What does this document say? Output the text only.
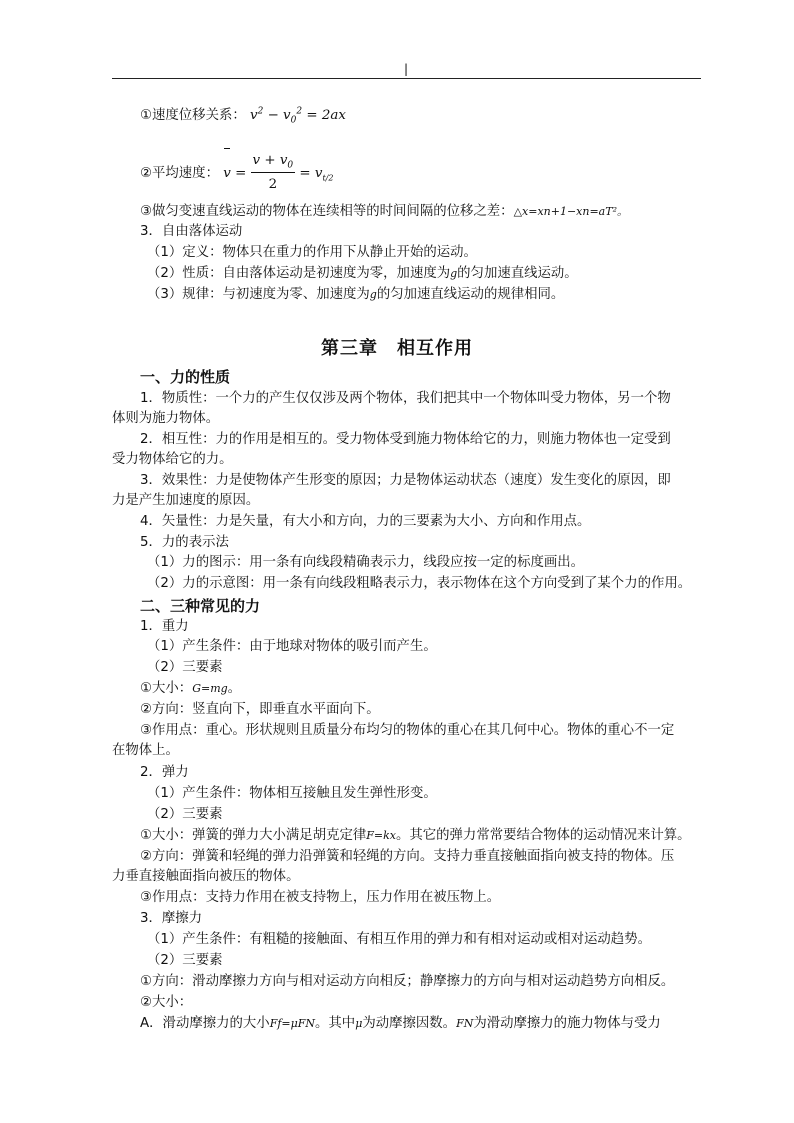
|
①速度位移关系： $v^2 - v_0^2 = 2ax$
②平均速度： $v = \frac{v + v_0}{2} = v_{t/2}$
③做匀变速直线运动的物体在连续相等的时间间隔的位移之差：△x=xn+1−xn=aT²。
3．自由落体运动
（1）定义：物体只在重力的作用下从静止开始的运动。
（2）性质：自由落体运动是初速度为零，加速度为g的匀加速直线运动。
（3）规律：与初速度为零、加速度为g的匀加速直线运动的规律相同。
第三章　相互作用
一、力的性质
1．物质性：一个力的产生仅仅涉及两个物体，我们把其中一个物体叫受力物体，另一个物
体则为施力物体。
2．相互性：力的作用是相互的。受力物体受到施力物体给它的力，则施力物体也一定受到
受力物体给它的力。
3．效果性：力是使物体产生形变的原因；力是物体运动状态（速度）发生变化的原因，即
力是产生加速度的原因。
4．矢量性：力是矢量，有大小和方向，力的三要素为大小、方向和作用点。
5．力的表示法
（1）力的图示：用一条有向线段精确表示力，线段应按一定的标度画出。
（2）力的示意图：用一条有向线段粗略表示力，表示物体在这个方向受到了某个力的作用。
二、三种常见的力
1．重力
（1）产生条件：由于地球对物体的吸引而产生。
（2）三要素
①大小：G=mg。
②方向：竖直向下，即垂直水平面向下。
③作用点：重心。形状规则且质量分布均匀的物体的重心在其几何中心。物体的重心不一定
在物体上。
2．弹力
（1）产生条件：物体相互接触且发生弹性形变。
（2）三要素
①大小：弹簧的弹力大小满足胡克定律F=kx。其它的弹力常常要结合物体的运动情况来计算。
②方向：弹簧和轻绳的弹力沿弹簧和轻绳的方向。支持力垂直接触面指向被支持的物体。压
力垂直接触面指向被压的物体。
③作用点：支持力作用在被支持物上，压力作用在被压物上。
3．摩擦力
（1）产生条件：有粗糙的接触面、有相互作用的弹力和有相对运动或相对运动趋势。
（2）三要素
①方向：滑动摩擦力方向与相对运动方向相反；静摩擦力的方向与相对运动趋势方向相反。
②大小：
A．滑动摩擦力的大小Ff=μFN。其中μ为动摩擦因数。FN为滑动摩擦力的施力物体与受力
